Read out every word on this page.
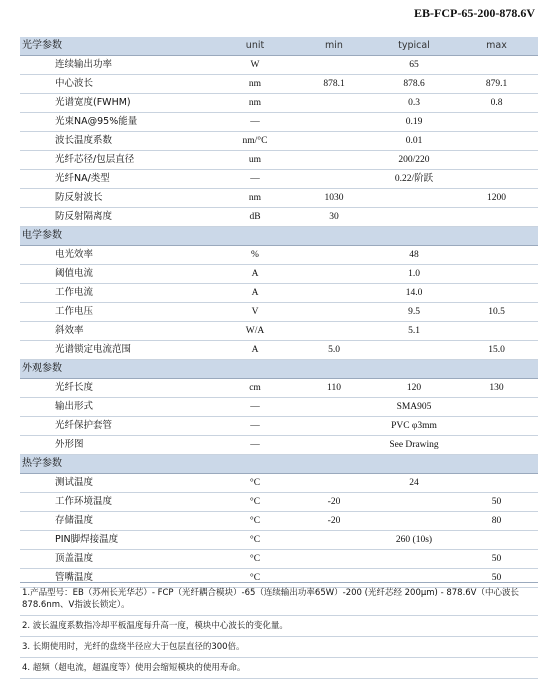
EB-FCP-65-200-878.6V
光学参数		unit	min	typical	max
	连续输出功率	W		65	
	中心波长	nm	878.1	878.6	879.1
	光谱宽度(FWHM)	nm		0.3	0.8
	光束NA@95%能量	—		0.19	
	波长温度系数	nm/°C		0.01	
	光纤芯径/包层直径	um		200/220	
	光纤NA/类型	—		0.22/阶跃	
	防反射波长	nm	1030		1200
	防反射隔离度	dB	30		
电学参数					
	电光效率	%		48	
	阈值电流	A		1.0	
	工作电流	A		14.0	
	工作电压	V		9.5	10.5
	斜效率	W/A		5.1	
	光谱锁定电流范围	A	5.0		15.0
外观参数					
	光纤长度	cm	110	120	130
	输出形式	—		SMA905	
	光纤保护套管	—		PVC φ3mm	
	外形图	—		See Drawing	
热学参数					
	测试温度	°C		24	
	工作环境温度	°C	-20		50
	存储温度	°C	-20		80
	PIN脚焊接温度	°C		260 (10s)	
	顶盖温度	°C			50
	管嘴温度	°C			50
1.产品型号：EB（苏州长光华芯）- FCP（光纤耦合模块）-65（连续输出功率65W）-200 (光纤芯经 200μm) - 878.6V（中心波长 878.6nm、V指波长锁定）。
2. 波长温度系数指冷却平板温度每升高一度，模块中心波长的变化量。
3. 长期使用时，光纤的盘绕半径应大于包层直径的300倍。
4. 超频（超电流，超温度等）使用会缩短模块的使用寿命。
